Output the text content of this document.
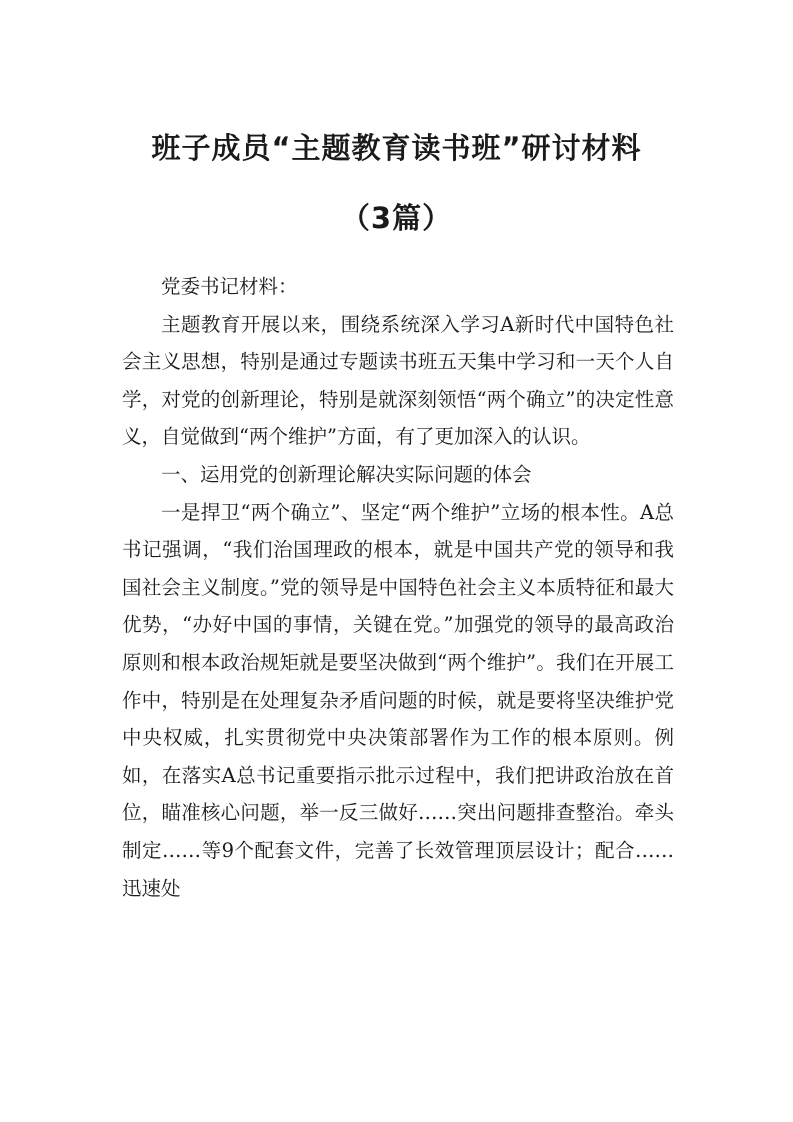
班子成员“主题教育读书班”研讨材料
（3篇）

党委书记材料：

主题教育开展以来，围绕系统深入学习A新时代中国特色社会主义思想，特别是通过专题读书班五天集中学习和一天个人自学，对党的创新理论，特别是就深刻领悟“两个确立”的决定性意义，自觉做到“两个维护”方面，有了更加深入的认识。

一、运用党的创新理论解决实际问题的体会

一是捍卫“两个确立”、坚定“两个维护”立场的根本性。A总书记强调，“我们治国理政的根本，就是中国共产党的领导和我国社会主义制度。”党的领导是中国特色社会主义本质特征和最大优势，“办好中国的事情，关键在党。”加强党的领导的最高政治原则和根本政治规矩就是要坚决做到“两个维护”。我们在开展工作中，特别是在处理复杂矛盾问题的时候，就是要将坚决维护党中央权威，扎实贯彻党中央决策部署作为工作的根本原则。例如，在落实A总书记重要指示批示过程中，我们把讲政治放在首位，瞄准核心问题，举一反三做好……突出问题排查整治。牵头制定……等9个配套文件，完善了长效管理顶层设计；配合……迅速处
